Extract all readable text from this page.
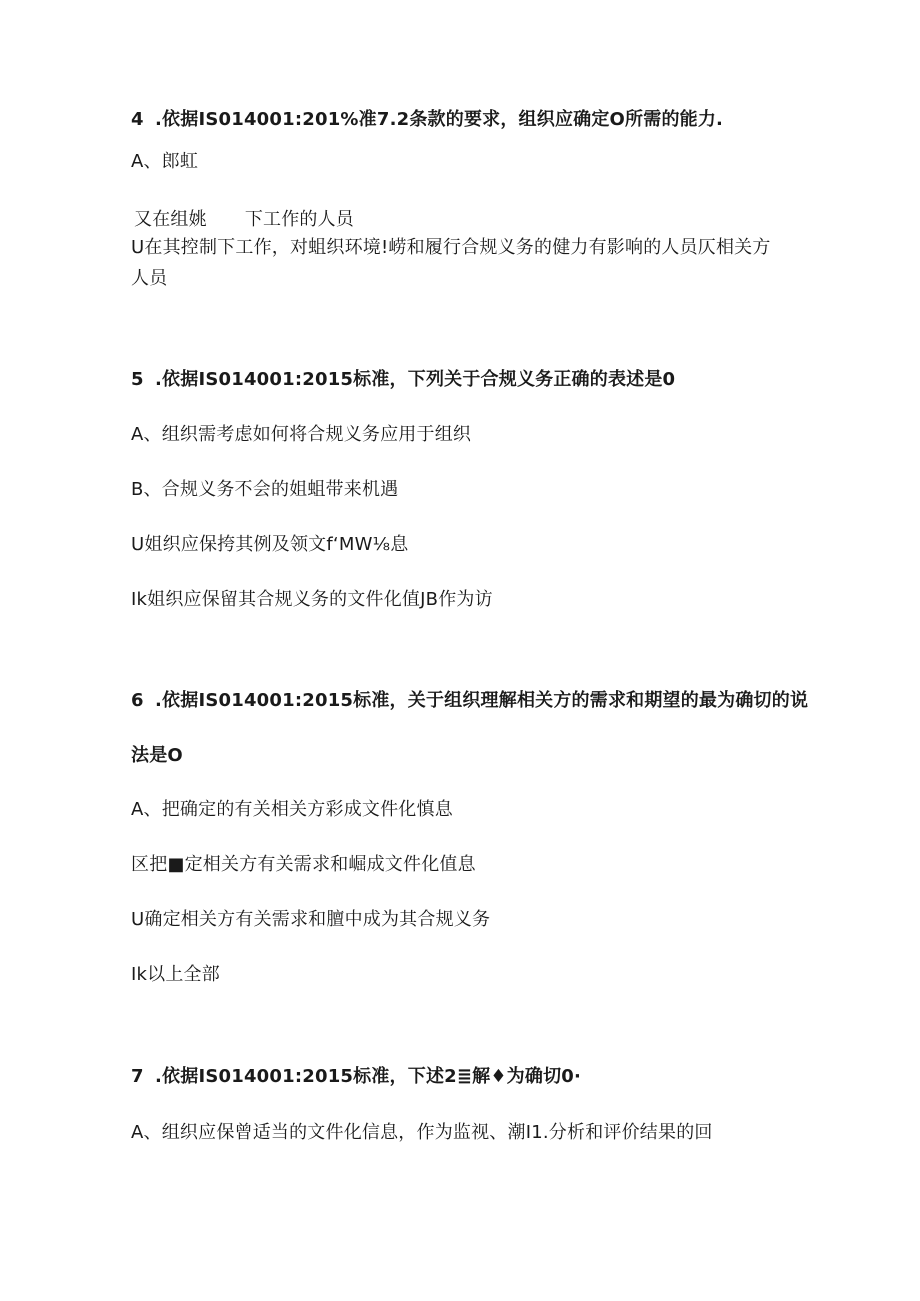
4 .依据IS014001:201%准7.2条款的要求，组织应确定O所需的能力.
A、郎虹
又在组姚 下工作的人员
U在其控制下工作，对蛆织环境!崂和履行合规义务的健力有影响的人员仄相关方
人员
5 .依据IS014001:2015标准，下列关于合规义务正确的表述是0
A、组织需考虑如何将合规义务应用于组织
B、合规义务不会的姐蛆带来机遇
U姐织应保挎其例及领文f‘MW⅛息
Ik姐织应保留其合规义务的文件化值JB作为访
6 .依据IS014001:2015标准，关于组织理解相关方的需求和期望的最为确切的说
法是O
A、把确定的有关相关方彩成文件化慎息
区把■定相关方有关需求和崛成文件化值息
U确定相关方有关需求和膻中成为其合规义务
Ik以上全部
7 .依据IS014001:2015标准，下述2≣解♦为确切0·
A、组织应保曾适当的文件化信息，作为监视、潮I1.分析和评价结果的回
